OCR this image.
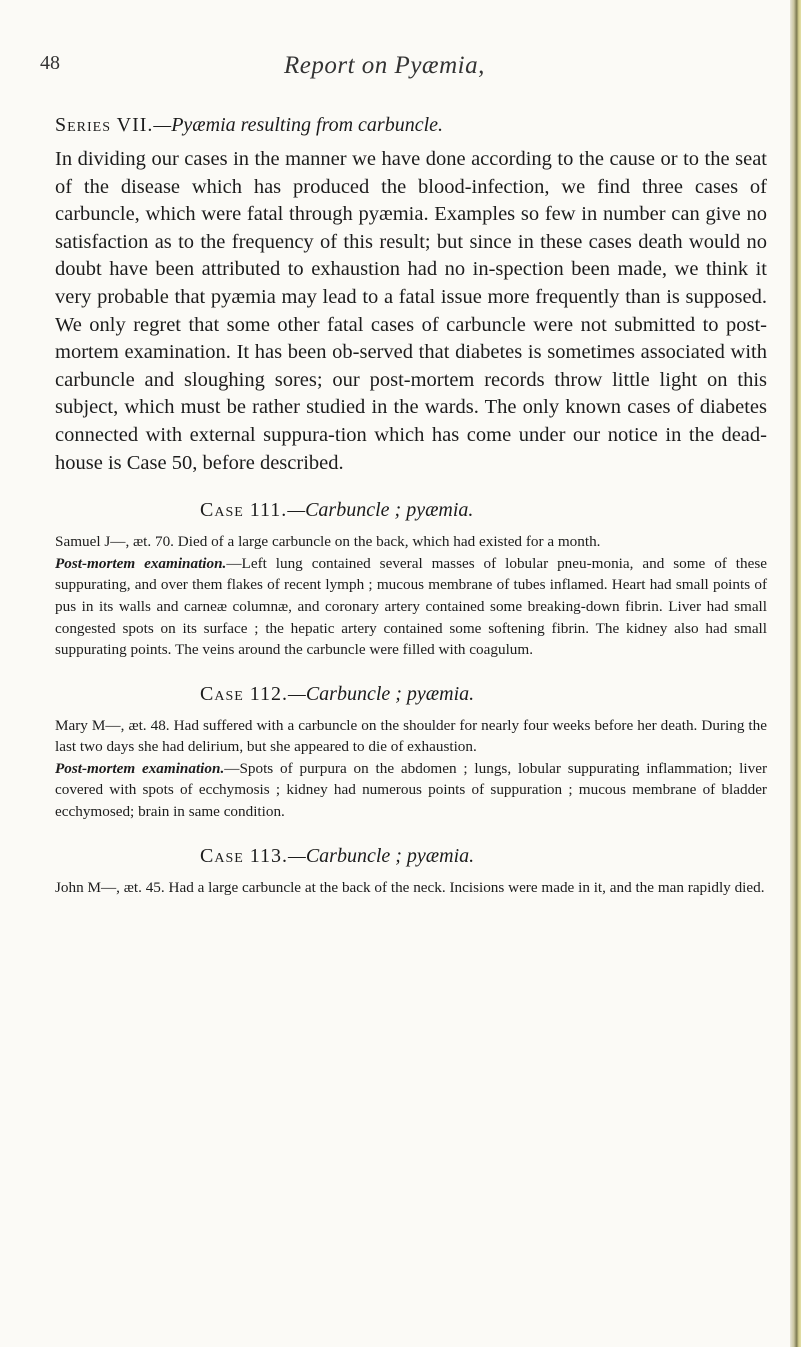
48	Report on Pyæmia,
Series VII.—Pyæmia resulting from carbuncle.

In dividing our cases in the manner we have done according to the cause or to the seat of the disease which has produced the blood-infection, we find three cases of carbuncle, which were fatal through pyæmia. Examples so few in number can give no satisfaction as to the frequency of this result; but since in these cases death would no doubt have been attributed to exhaustion had no in-spection been made, we think it very probable that pyæmia may lead to a fatal issue more frequently than is supposed. We only regret that some other fatal cases of carbuncle were not submitted to post-mortem examination. It has been ob-served that diabetes is sometimes associated with carbuncle and sloughing sores; our post-mortem records throw little light on this subject, which must be rather studied in the wards. The only known cases of diabetes connected with external suppura-tion which has come under our notice in the dead-house is Case 50, before described.

Case 111.—Carbuncle ; pyæmia.

Samuel J—, æt. 70. Died of a large carbuncle on the back, which had existed for a month.

Post-mortem examination.—Left lung contained several masses of lobular pneu-monia, and some of these suppurating, and over them flakes of recent lymph ; mucous membrane of tubes inflamed. Heart had small points of pus in its walls and carneæ columnæ, and coronary artery contained some breaking-down fibrin. Liver had small congested spots on its surface ; the hepatic artery contained some softening fibrin. The kidney also had small suppurating points. The veins around the carbuncle were filled with coagulum.

Case 112.—Carbuncle ; pyæmia.

Mary M—, æt. 48. Had suffered with a carbuncle on the shoulder for nearly four weeks before her death. During the last two days she had delirium, but she appeared to die of exhaustion.

Post-mortem examination.—Spots of purpura on the abdomen ; lungs, lobular suppurating inflammation; liver covered with spots of ecchymosis ; kidney had numerous points of suppuration ; mucous membrane of bladder ecchymosed; brain in same condition.

Case 113.—Carbuncle ; pyæmia.

John M—, æt. 45. Had a large carbuncle at the back of the neck. Incisions were made in it, and the man rapidly died.
